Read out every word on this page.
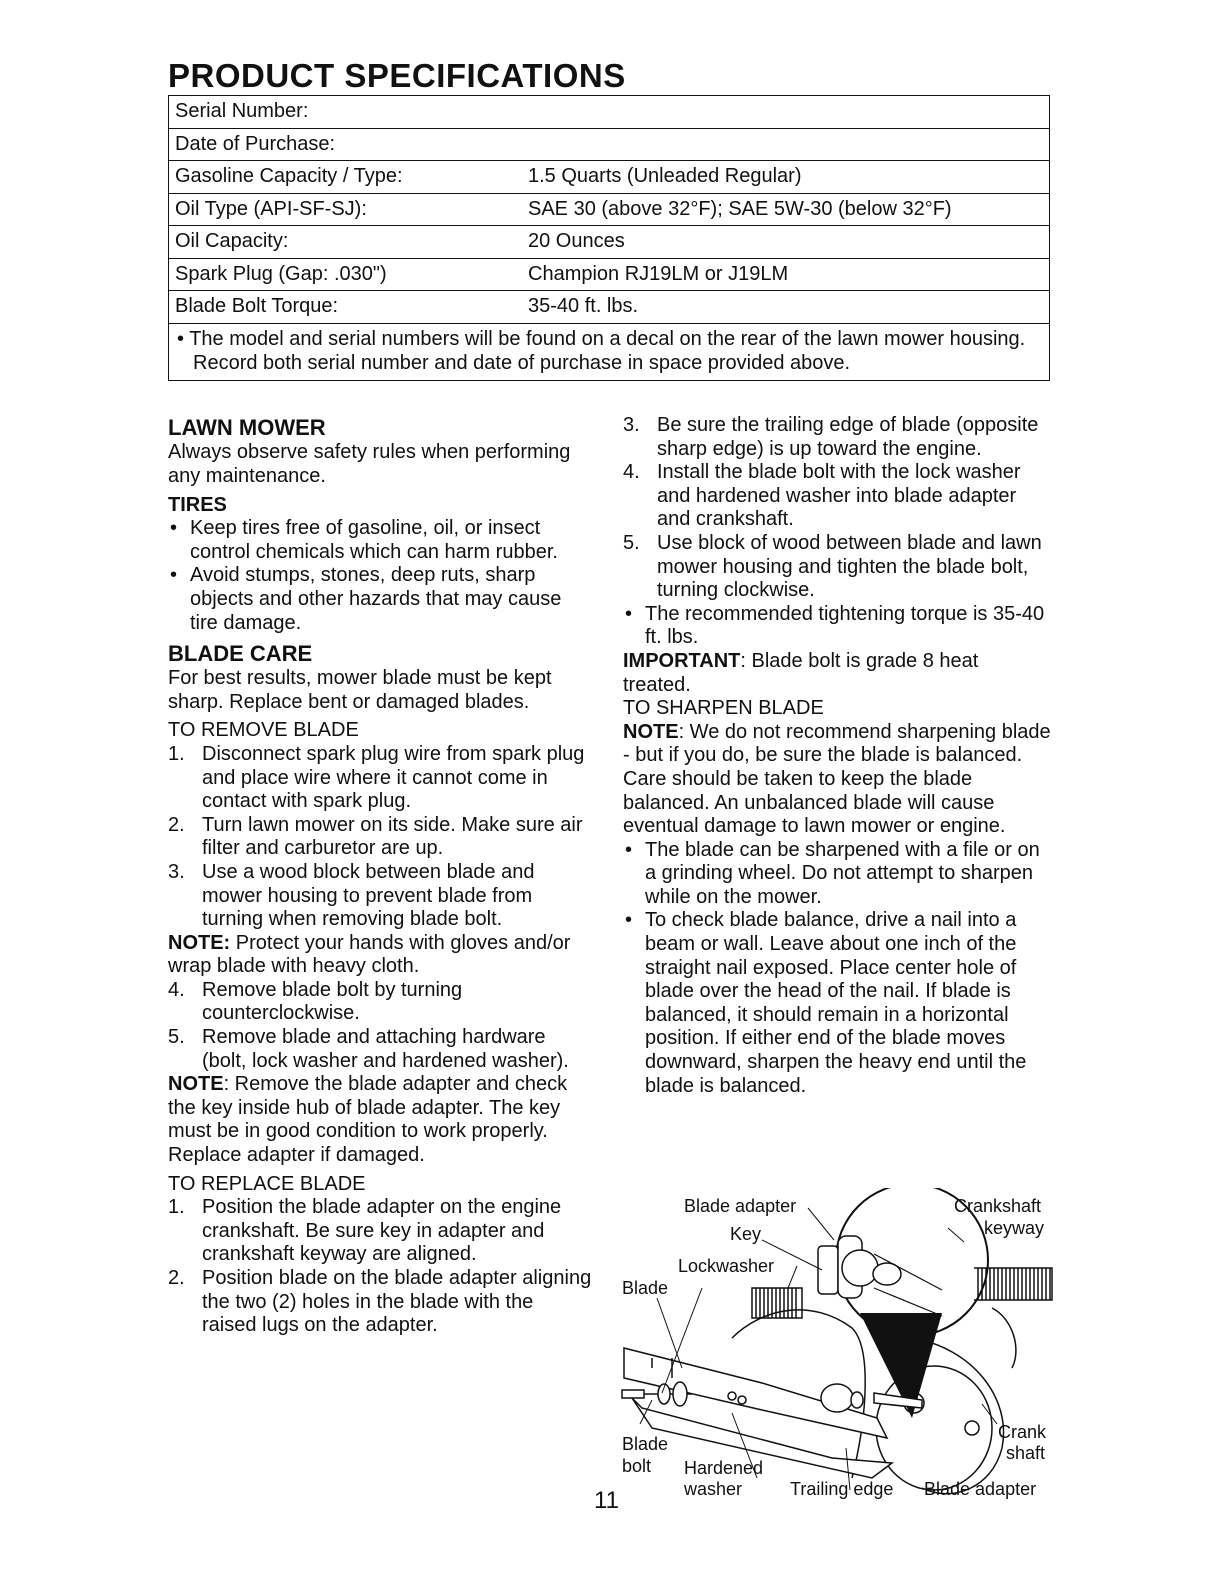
PRODUCT SPECIFICATIONS
Serial Number:
Date of Purchase:
Gasoline Capacity / Type:	1.5 Quarts (Unleaded Regular)
Oil Type (API-SF-SJ):	SAE 30 (above 32°F); SAE 5W-30 (below 32°F)
Oil Capacity:	20 Ounces
Spark Plug (Gap: .030")	Champion RJ19LM or J19LM
Blade Bolt Torque:	35-40 ft. lbs.
• The model and serial numbers will be found on a decal on the rear of the lawn mower housing. Record both serial number and date of purchase in space provided above.
LAWN MOWER

Always observe safety rules when performing any maintenance.

TIRES
• Keep tires free of gasoline, oil, or insect control chemicals which can harm rubber.
• Avoid stumps, stones, deep ruts, sharp objects and other hazards that may cause tire damage.
BLADE CARE

For best results, mower blade must be kept sharp. Replace bent or damaged blades.

TO REMOVE BLADE
1. Disconnect spark plug wire from spark plug and place wire where it cannot come in contact with spark plug.
2. Turn lawn mower on its side. Make sure air filter and carburetor are up.
3. Use a wood block between blade and mower housing to prevent blade from turning when removing blade bolt.

NOTE: Protect your hands with gloves and/or wrap blade with heavy cloth.

4. Remove blade bolt by turning counterclockwise.
5. Remove blade and attaching hardware (bolt, lock washer and hardened washer).

NOTE: Remove the blade adapter and check the key inside hub of blade adapter. The key must be in good condition to work properly. Replace adapter if damaged.

TO REPLACE BLADE
1. Position the blade adapter on the engine crankshaft. Be sure key in adapter and crankshaft keyway are aligned.
2. Position blade on the blade adapter aligning the two (2) holes in the blade with the raised lugs on the adapter.
3. Be sure the trailing edge of blade (opposite sharp edge) is up toward the engine.
4. Install the blade bolt with the lock washer and hardened washer into blade adapter and crankshaft.
5. Use block of wood between blade and lawn mower housing and tighten the blade bolt, turning clockwise.
• The recommended tightening torque is 35-40 ft. lbs.

IMPORTANT: Blade bolt is grade 8 heat treated.

TO SHARPEN BLADE

NOTE: We do not recommend sharpening blade - but if you do, be sure the blade is balanced.

Care should be taken to keep the blade balanced. An unbalanced blade will cause eventual damage to lawn mower or engine.

• The blade can be sharpened with a file or on a grinding wheel. Do not attempt to sharpen while on the mower.
• To check blade balance, drive a nail into a beam or wall. Leave about one inch of the straight nail exposed. Place center hole of blade over the head of the nail. If blade is balanced, it should remain in a horizontal position. If either end of the blade moves downward, sharpen the heavy end until the blade is balanced.
Blade adapter	Crankshaft
keyway
Key
Lockwasher
Blade
Blade
bolt Hardened
washer	Trailing edge Blade adapter
Crank
shaft
11
